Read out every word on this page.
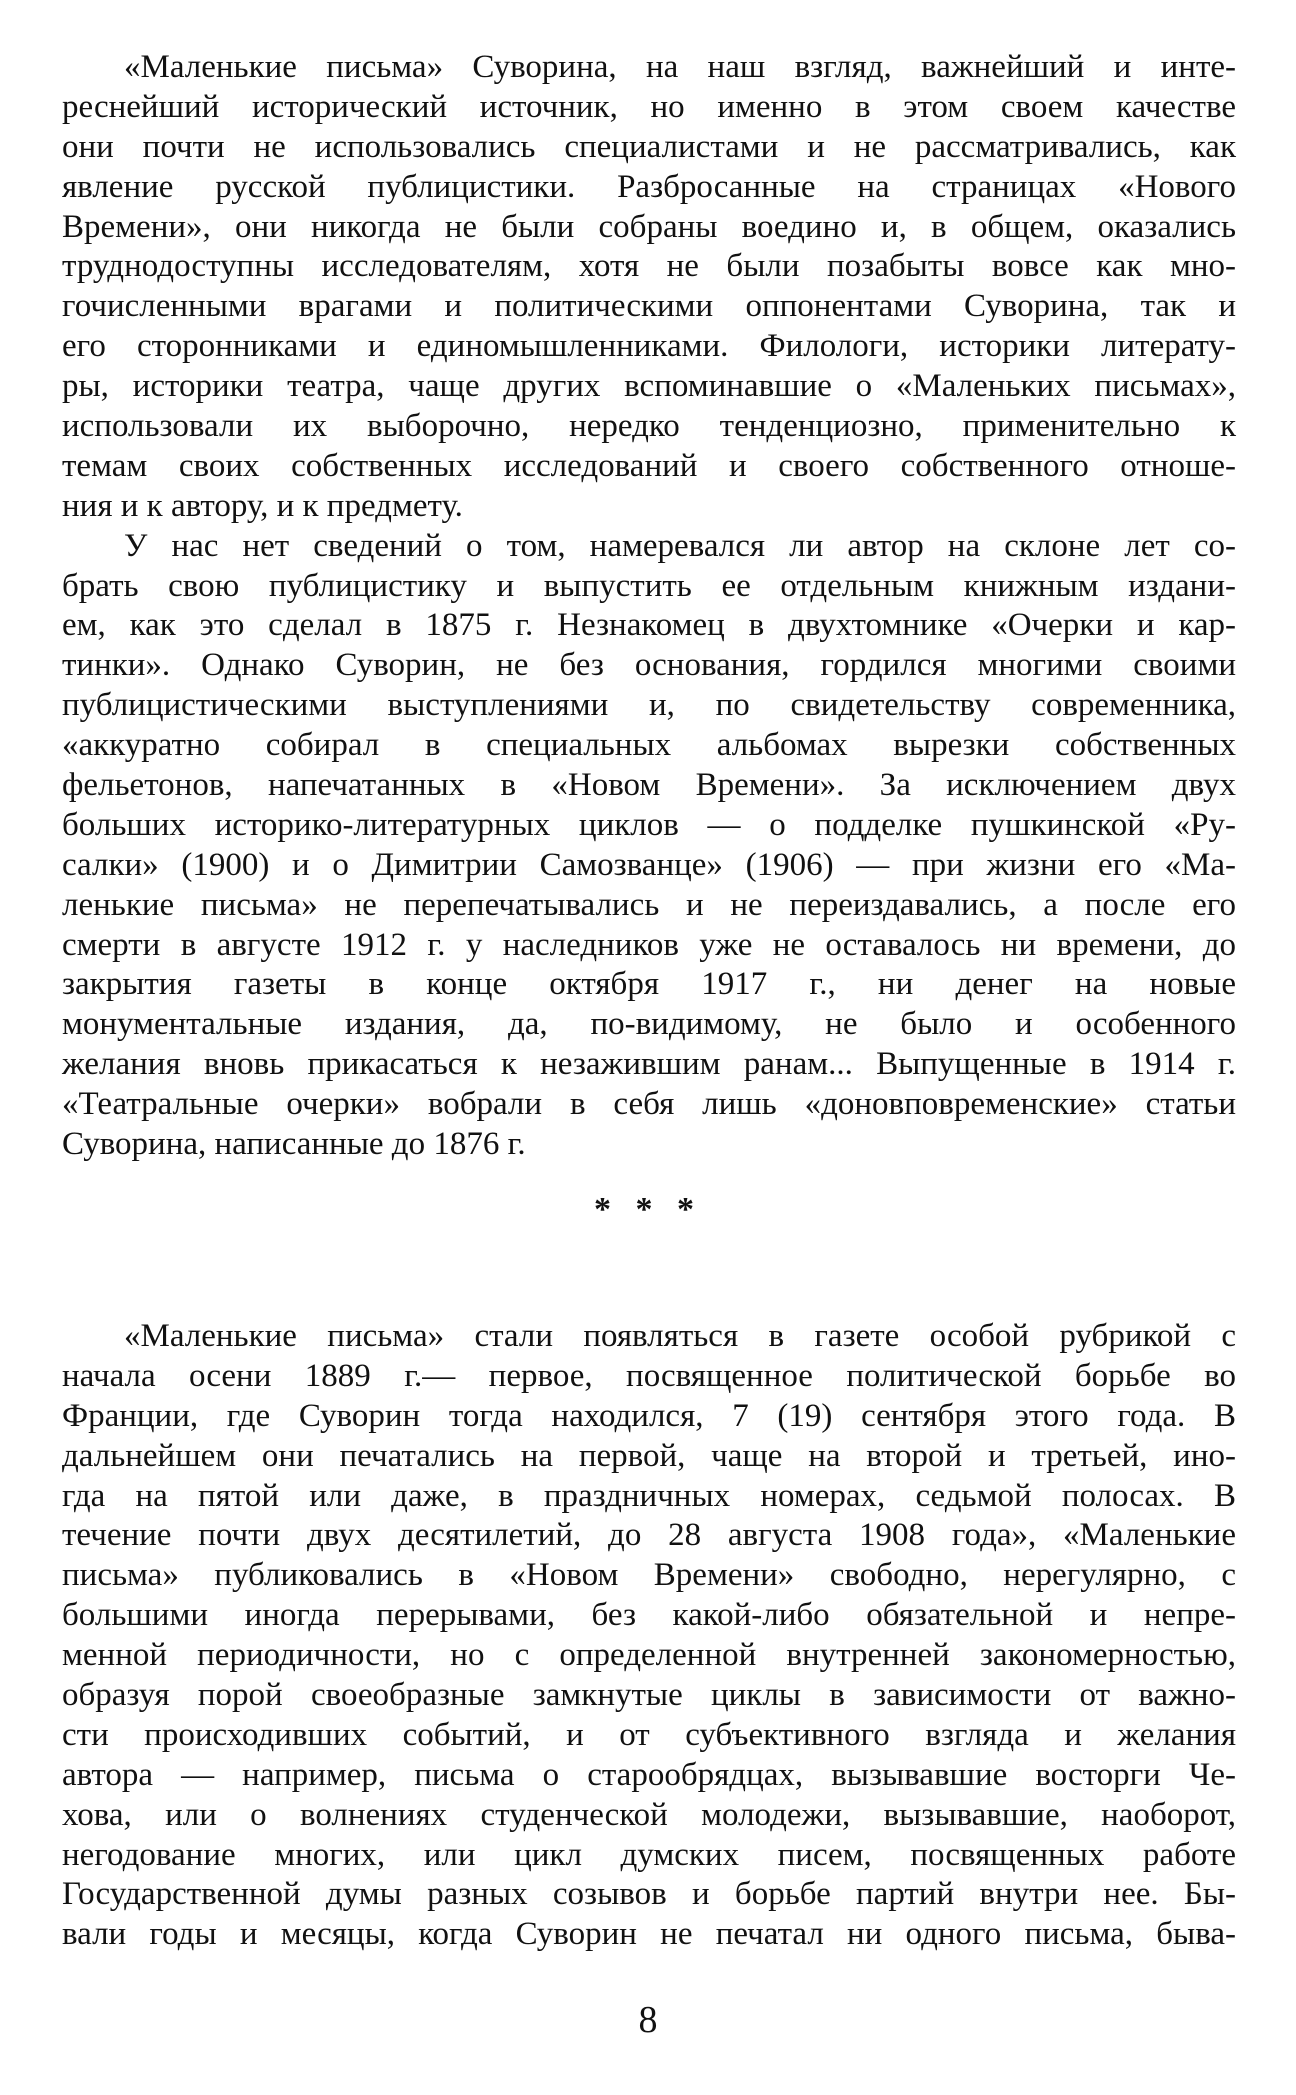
«Маленькие письма» Суворина, на наш взгляд, важнейший и инте-
реснейший исторический источник, но именно в этом своем качестве
они почти не использовались специалистами и не рассматривались, как
явление русской публицистики. Разбросанные на страницах «Нового
Времени», они никогда не были собраны воедино и, в общем, оказались
труднодоступны исследователям, хотя не были позабыты вовсе как мно-
гочисленными врагами и политическими оппонентами Суворина, так и
его сторонниками и единомышленниками. Филологи, историки литерату-
ры, историки театра, чаще других вспоминавшие о «Маленьких письмах»,
использовали их выборочно, нередко тенденциозно, применительно к
темам своих собственных исследований и своего собственного отноше-
ния и к автору, и к предмету.

У нас нет сведений о том, намеревался ли автор на склоне лет со-
брать свою публицистику и выпустить ее отдельным книжным издани-
ем, как это сделал в 1875 г. Незнакомец в двухтомнике «Очерки и кар-
тинки». Однако Суворин, не без основания, гордился многими своими
публицистическими выступлениями и, по свидетельству современника,
«аккуратно собирал в специальных альбомах вырезки собственных
фельетонов, напечатанных в «Новом Времени». За исключением двух
больших историко-литературных циклов — о подделке пушкинской «Ру-
салки» (1900) и о Димитрии Самозванце» (1906) — при жизни его «Ма-
ленькие письма» не перепечатывались и не переиздавались, а после его
смерти в августе 1912 г. у наследников уже не оставалось ни времени, до
закрытия газеты в конце октября 1917 г., ни денег на новые
монументальные издания, да, по-видимому, не было и особенного
желания вновь прикасаться к незажившим ранам... Выпущенные в 1914 г.
«Театральные очерки» вобрали в себя лишь «доновповременские» статьи
Суворина, написанные до 1876 г.

* * *

«Маленькие письма» стали появляться в газете особой рубрикой с
начала осени 1889 г.— первое, посвященное политической борьбе во
Франции, где Суворин тогда находился, 7 (19) сентября этого года. В
дальнейшем они печатались на первой, чаще на второй и третьей, ино-
гда на пятой или даже, в праздничных номерах, седьмой полосах. В
течение почти двух десятилетий, до 28 августа 1908 года», «Маленькие
письма» публиковались в «Новом Времени» свободно, нерегулярно, с
большими иногда перерывами, без какой-либо обязательной и непре-
менной периодичности, но с определенной внутренней закономерностью,
образуя порой своеобразные замкнутые циклы в зависимости от важно-
сти происходивших событий, и от субъективного взгляда и желания
автора — например, письма о старообрядцах, вызывавшие восторги Че-
хова, или о волнениях студенческой молодежи, вызывавшие, наоборот,
негодование многих, или цикл думских писем, посвященных работе
Государственной думы разных созывов и борьбе партий внутри нее. Бы-
вали годы и месяцы, когда Суворин не печатал ни одного письма, быва-

8
